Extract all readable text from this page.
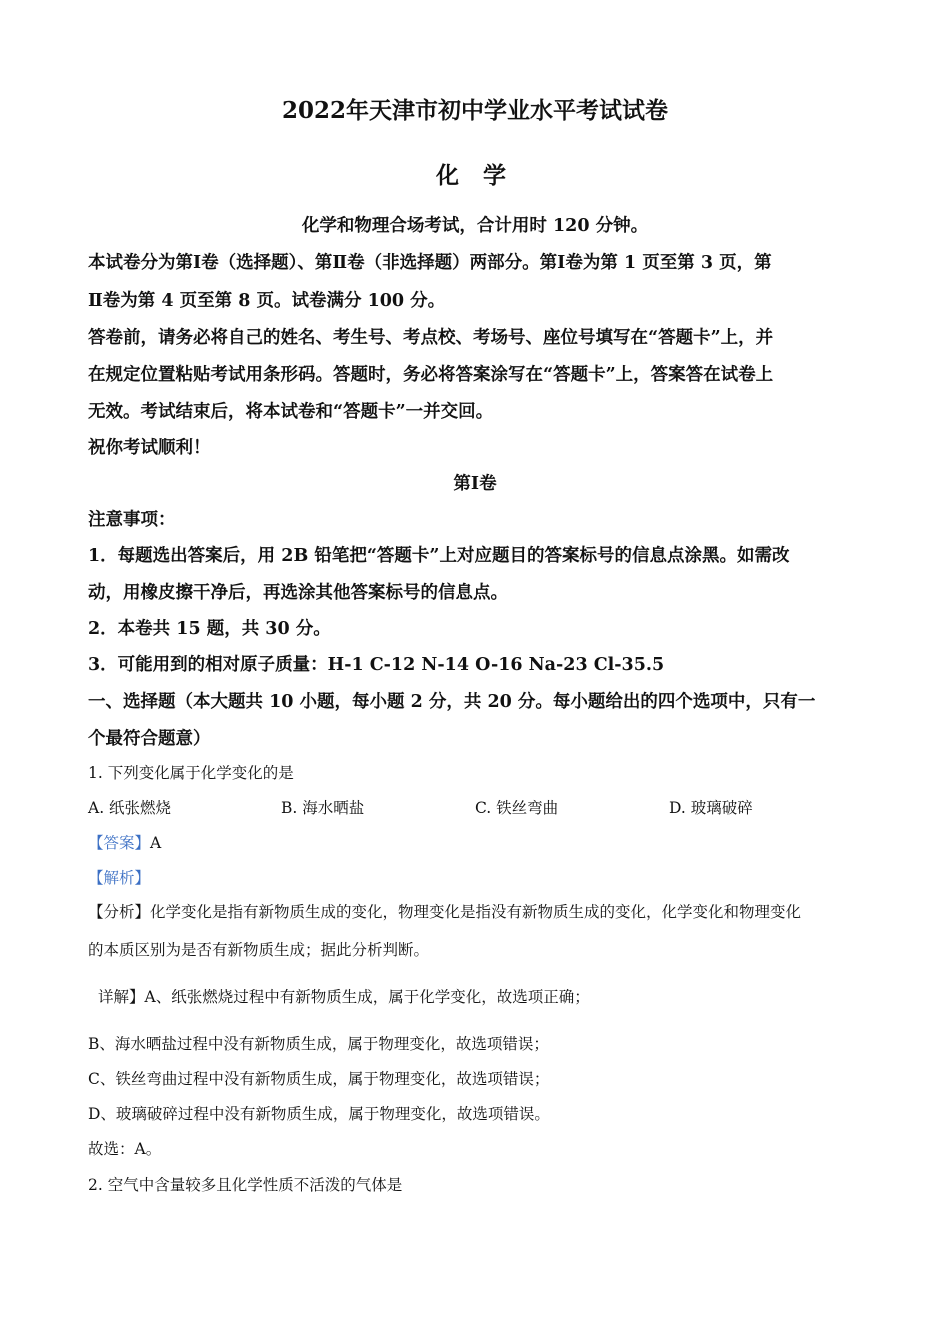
2022年天津市初中学业水平考试试卷
化 学
化学和物理合场考试，合计用时 120 分钟。
本试卷分为第Ⅰ卷（选择题）、第Ⅱ卷（非选择题）两部分。第Ⅰ卷为第 1 页至第 3 页，第
Ⅱ卷为第 4 页至第 8 页。试卷满分 100 分。
答卷前，请务必将自己的姓名、考生号、考点校、考场号、座位号填写在“答题卡”上，并
在规定位置粘贴考试用条形码。答题时，务必将答案涂写在“答题卡”上，答案答在试卷上
无效。考试结束后，将本试卷和“答题卡”一并交回。
祝你考试顺利！
第Ⅰ卷
注意事项：
1．每题选出答案后，用 2B 铅笔把“答题卡”上对应题目的答案标号的信息点涂黑。如需改
动，用橡皮擦干净后，再选涂其他答案标号的信息点。
2．本卷共 15 题，共 30 分。
3．可能用到的相对原子质量：H-1 C-12 N-14 O-16 Na-23 Cl-35.5
一、选择题（本大题共 10 小题，每小题 2 分，共 20 分。每小题给出的四个选项中，只有一
个最符合题意）
1. 下列变化属于化学变化的是
A. 纸张燃烧	B. 海水晒盐	C. 铁丝弯曲	D. 玻璃破碎
【答案】A
【解析】
【分析】化学变化是指有新物质生成的变化，物理变化是指没有新物质生成的变化，化学变化和物理变化
的本质区别为是否有新物质生成；据此分析判断。
详解】A、纸张燃烧过程中有新物质生成，属于化学变化，故选项正确；
B、海水晒盐过程中没有新物质生成，属于物理变化，故选项错误；
C、铁丝弯曲过程中没有新物质生成，属于物理变化，故选项错误；
D、玻璃破碎过程中没有新物质生成，属于物理变化，故选项错误。
故选：A。
2. 空气中含量较多且化学性质不活泼的气体是
